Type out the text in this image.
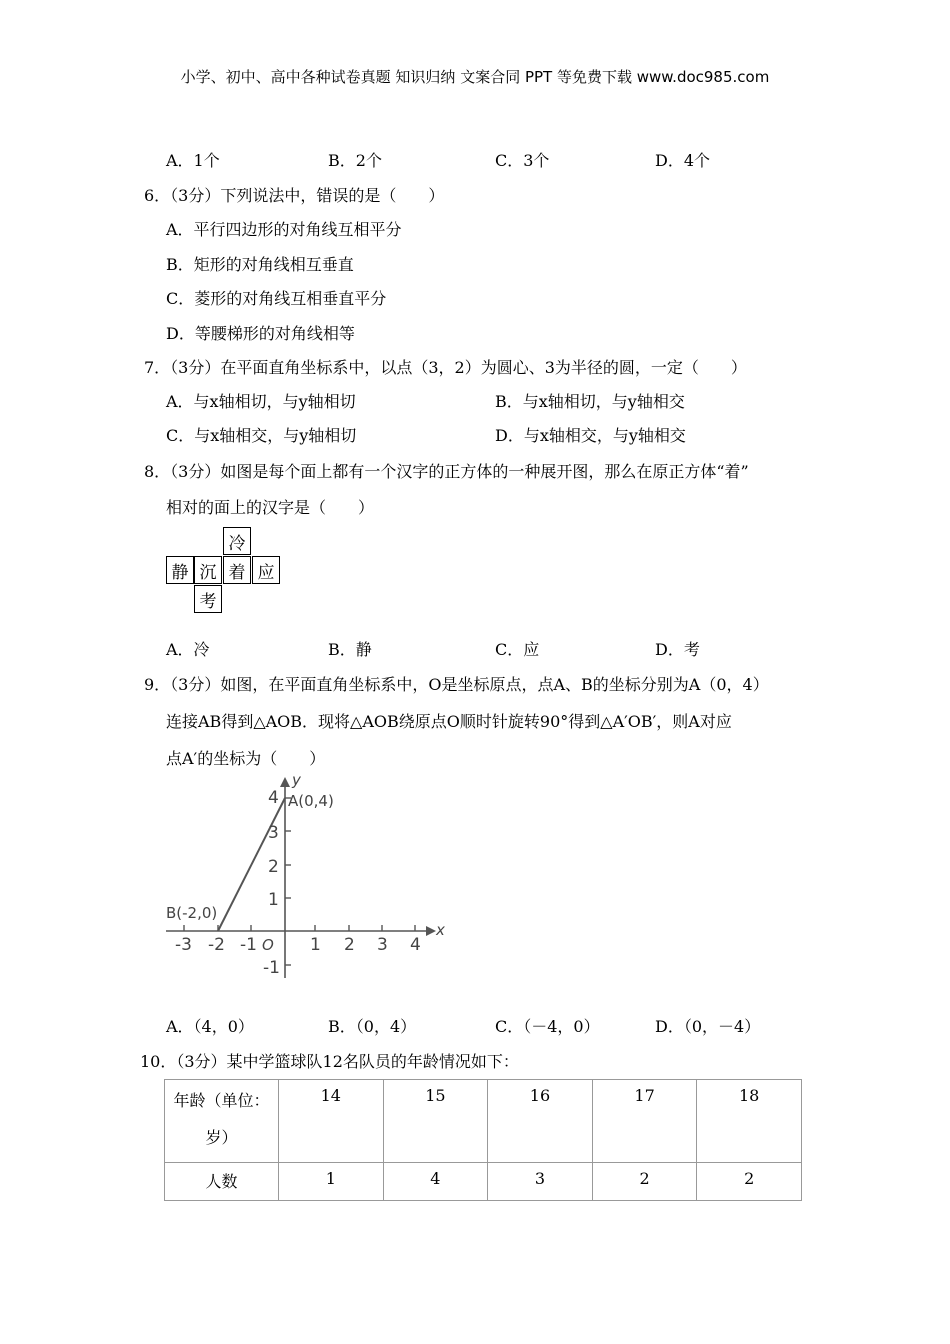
小学、初中、高中各种试卷真题 知识归纳 文案合同 PPT 等免费下载 www.doc985.com
A．1个	B．2个	C．3个	D．4个
6．（3分）下列说法中，错误的是（　　）
A．平行四边形的对角线互相平分
B．矩形的对角线相互垂直
C．菱形的对角线互相垂直平分
D．等腰梯形的对角线相等
7．（3分）在平面直角坐标系中，以点（3，2）为圆心、3为半径的圆，一定（　　）
A．与x轴相切，与y轴相切	B．与x轴相切，与y轴相交
C．与x轴相交，与y轴相切	D．与x轴相交，与y轴相交
8．（3分）如图是每个面上都有一个汉字的正方体的一种展开图，那么在原正方体“着”
相对的面上的汉字是（　　）
冷
静 沉 着 应
考
A．冷	B．静	C．应	D．考
9．（3分）如图，在平面直角坐标系中，O是坐标原点，点A、B的坐标分别为A（0，4）
连接AB得到△AOB．现将△AOB绕原点O顺时针旋转90°得到△A′OB′，则A对应
点A′的坐标为（　　）
y
x
A(0,4)
B(-2,0)
O
4
3
2
1
-1
-3 -2 -1	1 2 3 4
A．（4，0）	B．（0，4）	C．（－4，0）	D．（0，－4）
10．（3分）某中学篮球队12名队员的年龄情况如下：
年龄（单位：
岁）	14	15	16	17	18
人数	1	4	3	2	2
